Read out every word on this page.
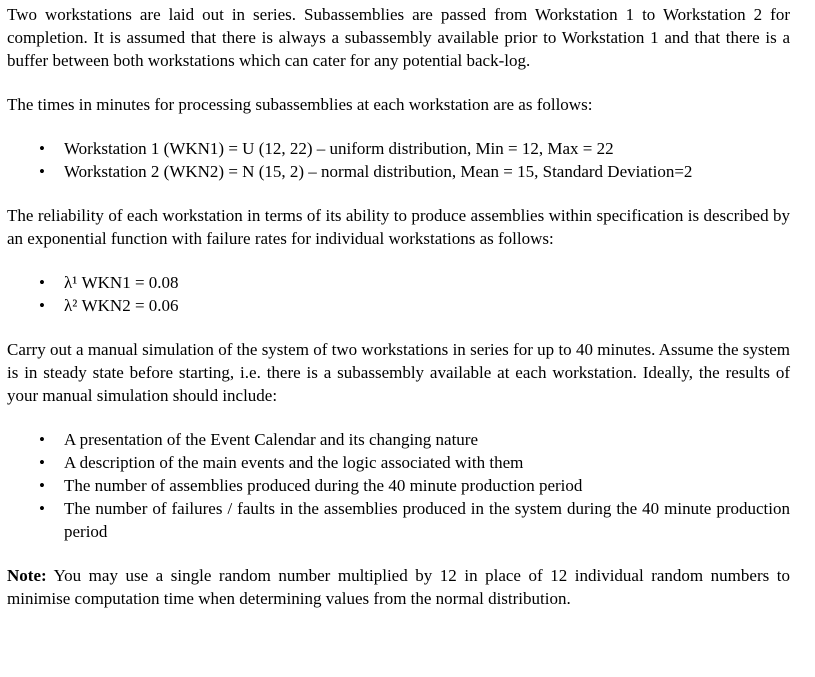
Two workstations are laid out in series. Subassemblies are passed from Workstation 1 to Workstation 2 for completion. It is assumed that there is always a subassembly available prior to Workstation 1 and that there is a buffer between both workstations which can cater for any potential back-log.

The times in minutes for processing subassemblies at each workstation are as follows:

• Workstation 1 (WKN1) = U (12, 22) – uniform distribution, Min = 12, Max = 22
• Workstation 2 (WKN2) = N (15, 2) – normal distribution, Mean = 15, Standard Deviation=2

The reliability of each workstation in terms of its ability to produce assemblies within specification is described by an exponential function with failure rates for individual workstations as follows:

• λ¹ WKN1 = 0.08
• λ² WKN2 = 0.06

Carry out a manual simulation of the system of two workstations in series for up to 40 minutes. Assume the system is in steady state before starting, i.e. there is a subassembly available at each workstation. Ideally, the results of your manual simulation should include:

• A presentation of the Event Calendar and its changing nature
• A description of the main events and the logic associated with them
• The number of assemblies produced during the 40 minute production period
• The number of failures / faults in the assemblies produced in the system during the 40 minute production period

Note: You may use a single random number multiplied by 12 in place of 12 individual random numbers to minimise computation time when determining values from the normal distribution.
